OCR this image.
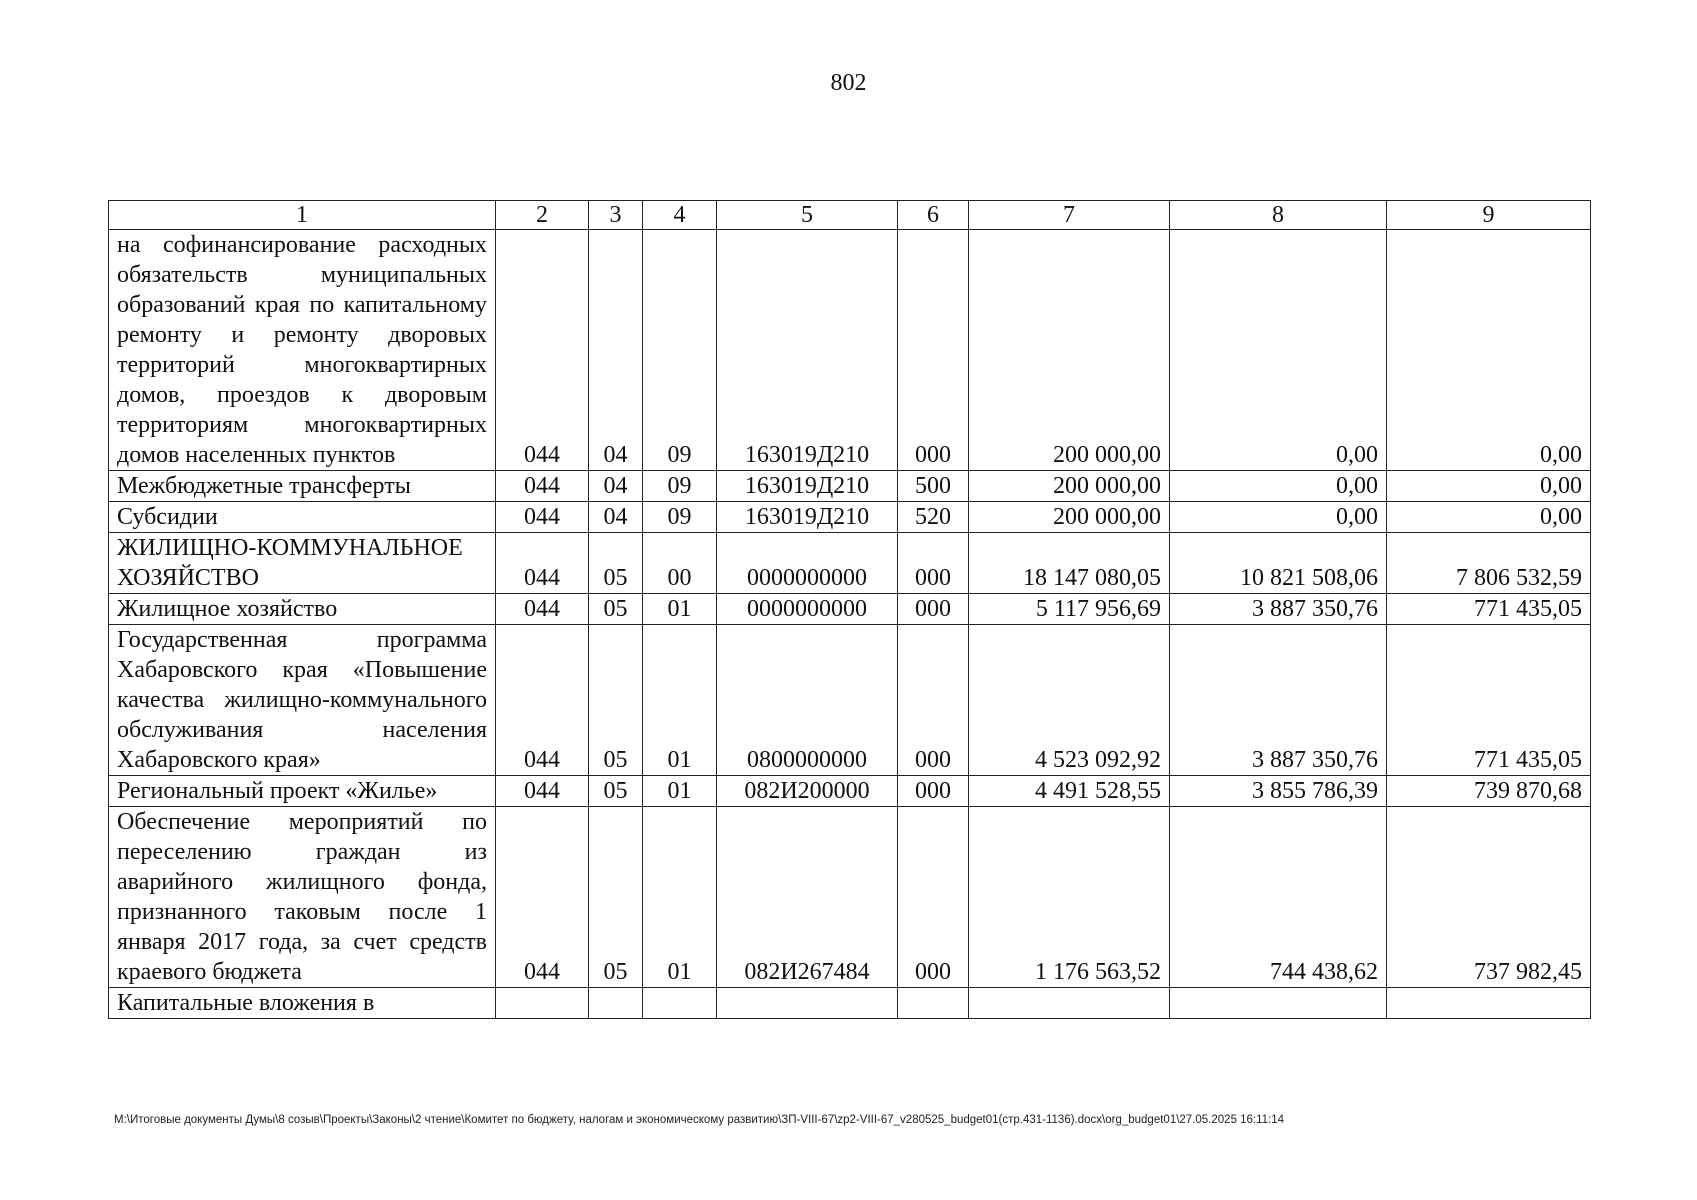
802
1	2	3	4	5	6	7	8	9
на софинансирование расходных обязательств муниципальных образований края по капитальному ремонту и ремонту дворовых территорий многоквартирных домов, проездов к дворовым территориям многоквартирных домов населенных пунктов	044	04	09	163019Д210	000	200 000,00	0,00	0,00
Межбюджетные трансферты	044	04	09	163019Д210	500	200 000,00	0,00	0,00
Субсидии	044	04	09	163019Д210	520	200 000,00	0,00	0,00
ЖИЛИЩНО-КОММУНАЛЬНОЕ ХОЗЯЙСТВО	044	05	00	0000000000	000	18 147 080,05	10 821 508,06	7 806 532,59
Жилищное хозяйство	044	05	01	0000000000	000	5 117 956,69	3 887 350,76	771 435,05
Государственная программа Хабаровского края «Повышение качества жилищно-коммунального обслуживания населения Хабаровского края»	044	05	01	0800000000	000	4 523 092,92	3 887 350,76	771 435,05
Региональный проект «Жилье»	044	05	01	082И200000	000	4 491 528,55	3 855 786,39	739 870,68
Обеспечение мероприятий по переселению граждан из аварийного жилищного фонда, признанного таковым после 1 января 2017 года, за счет средств краевого бюджета	044	05	01	082И267484	000	1 176 563,52	744 438,62	737 982,45
Капитальные вложения в								
M:\Итоговые документы Думы\8 созыв\Проекты\Законы\2 чтение\Комитет по бюджету, налогам и экономическому развитию\ЗП-VIII-67\zp2-VIII-67_v280525_budget01(стр.431-1136).docx\org_budget01\27.05.2025 16:11:14
